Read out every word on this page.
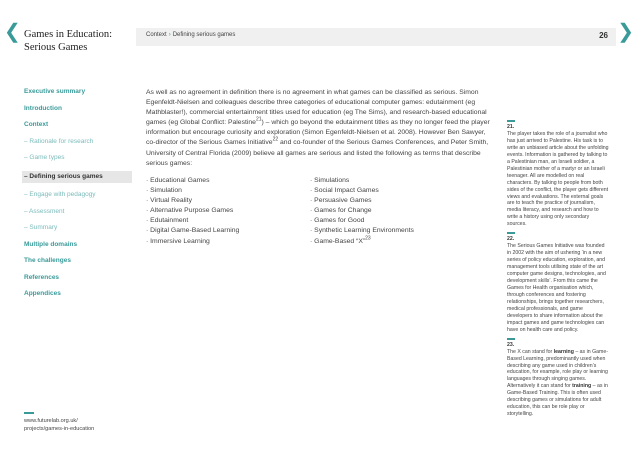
❮	❯
Games in Education:
Serious Games
Context › Defining serious games	26
Executive summary
Introduction
Context
– Rationale for research
– Game types
– Defining serious games
– Engage with pedagogy
– Assessment
– Summary
Multiple domains
The challenges
References
Appendices
www.futurelab.org.uk/
projects/games-in-education
As well as no agreement in definition there is no agreement in what games can be classified as serious. Simon Egenfeldt-Nielsen and colleagues describe three categories of educational computer games: edutainment (eg Mathblaster!), commercial entertainment titles used for education (eg The Sims), and research-based educational games (eg Global Conflict: Palestine$^{21}$) – which go beyond the edutainment titles as they no longer feed the player information but encourage curiosity and exploration (Simon Egenfeldt-Nielsen et al. 2008). However Ben Sawyer, co-director of the Serious Games Initiative$^{22}$ and co-founder of the Serious Games Conferences, and Peter Smith, University of Central Florida (2009) believe all games are serious and listed the following as terms that describe serious games:
· Educational Games
· Simulation
· Virtual Reality
· Alternative Purpose Games
· Edutainment
· Digital Game-Based Learning
· Immersive Learning
· Simulations
· Social Impact Games
· Persuasive Games
· Games for Change
· Games for Good
· Synthetic Learning Environments
· Game-Based “X”$^{23}$
21.
The player takes the role of a journalist who has just arrived to Palestine. His task is to write an unbiased article about the unfolding events. Information is gathered by talking to a Palestinian man, an Israeli soldier, a Palestinian mother of a martyr or an Israeli teenager. All are modelled on real characters. By talking to people from both sides of the conflict, the player gets different views and evaluations. The external goals are to teach the practice of journalism, media literacy, and research and how to write a history using only secondary sources.
22.
The Serious Games Initiative was founded in 2002 with the aim of ushering ‘in a new series of policy education, exploration, and management tools utilising state of the art computer game designs, technologies, and development skills’. From this came the Games for Health organisation which, through conferences and fostering relationships, brings together researchers, medical professionals, and game developers to share information about the impact games and game technologies can have on health care and policy.
23.
The X can stand for learning – as in Game-Based Learning, predominantly used when describing any game used in children’s education, for example, role play or learning languages through singing games. Alternatively it can stand for training – as in Game-Based Training. This is often used describing games or simulations for adult education, this can be role play or storytelling.
